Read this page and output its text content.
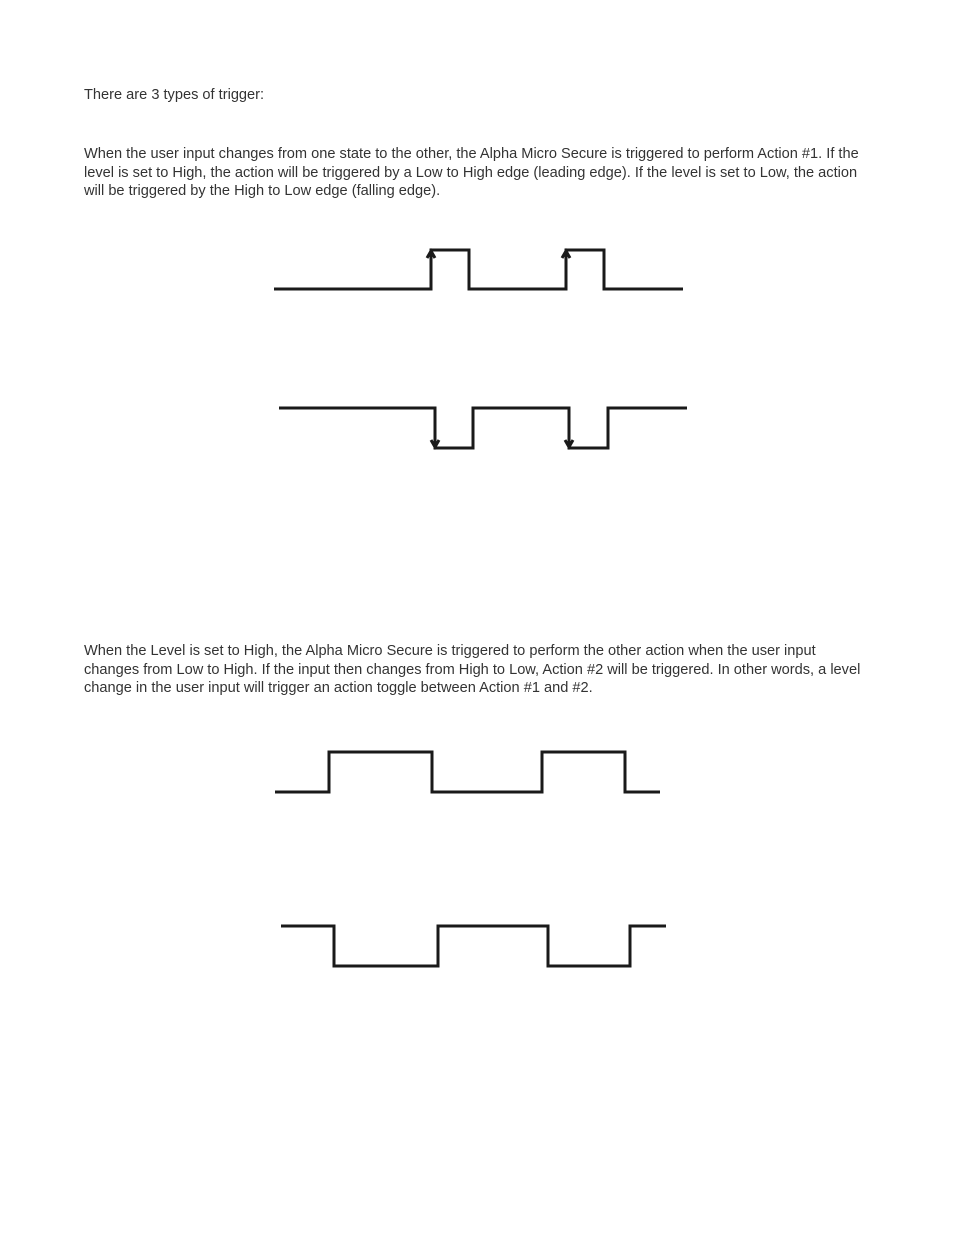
There are 3 types of trigger:

When the user input changes from one state to the other, the Alpha Micro Secure is triggered to perform Action #1. If the level is set to High, the action will be triggered by a Low to High edge (leading edge). If the level is set to Low, the action will be triggered by the High to Low edge (falling edge).

When the Level is set to High, the Alpha Micro Secure is triggered to perform the other action when the user input changes from Low to High. If the input then changes from High to Low, Action #2 will be triggered. In other words, a level change in the user input will trigger an action toggle between Action #1 and #2.
